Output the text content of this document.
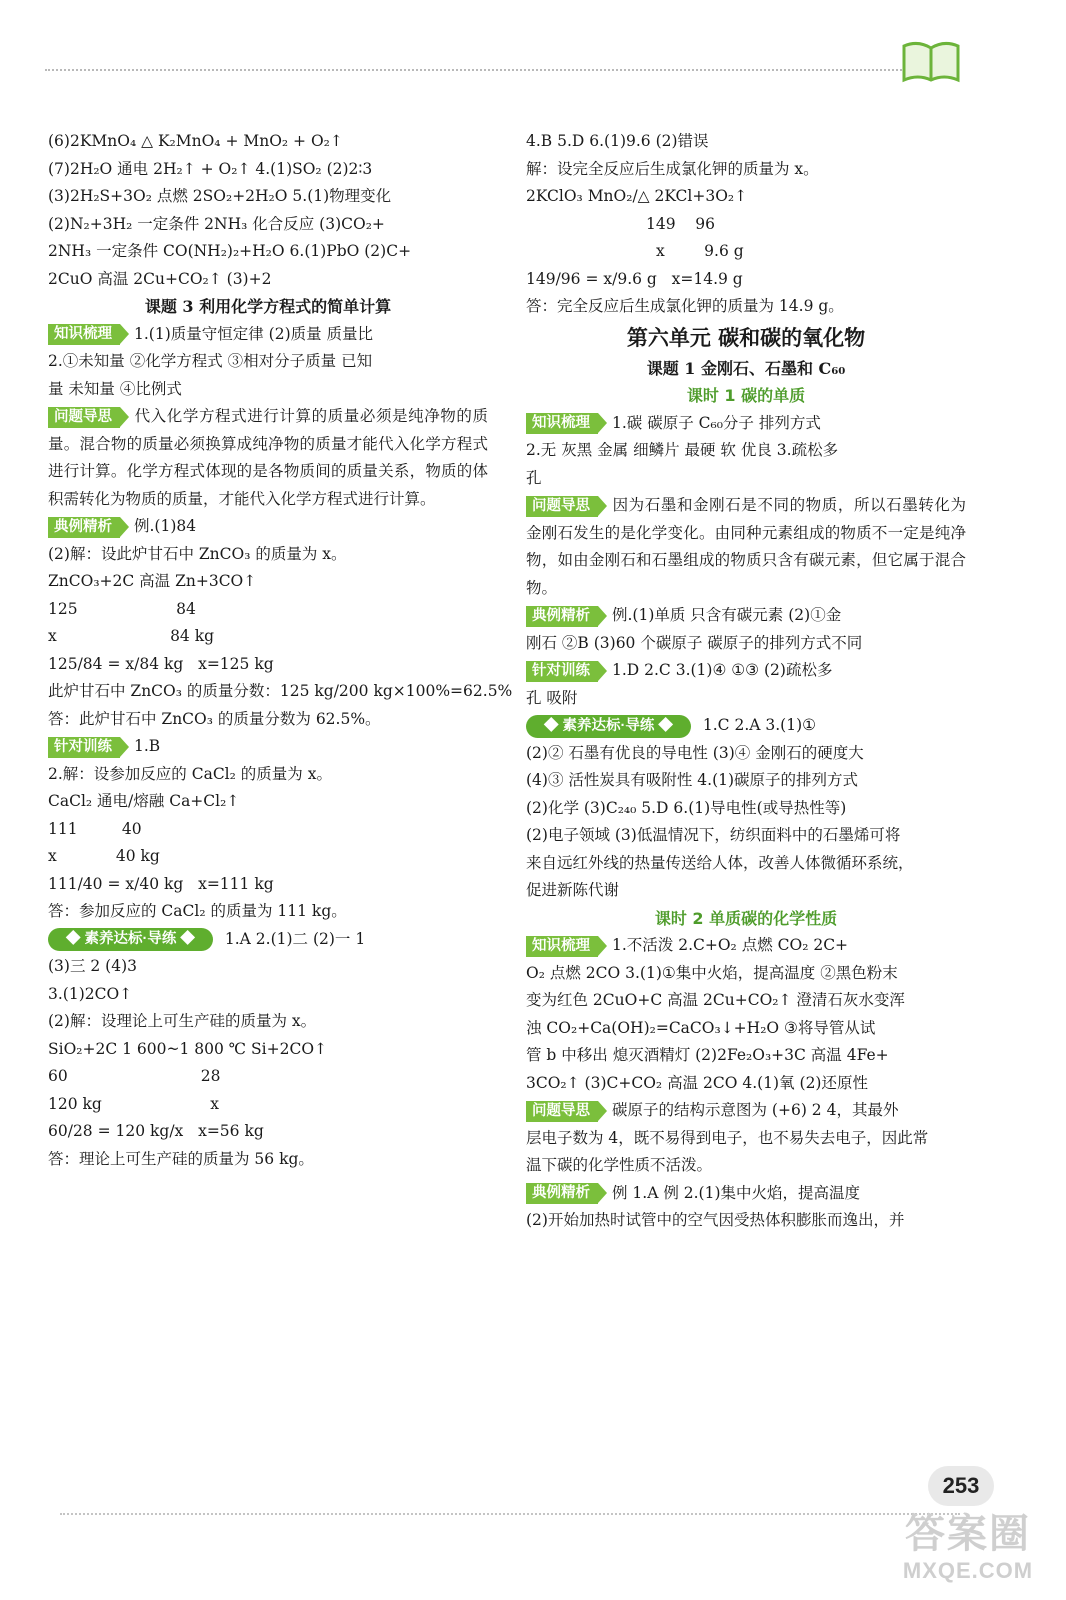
(6)2KMnO₄ △ K₂MnO₄ + MnO₂ + O₂↑
(7)2H₂O 通电 2H₂↑ + O₂↑ 4.(1)SO₂ (2)2∶3
(3)2H₂S+3O₂ 点燃 2SO₂+2H₂O 5.(1)物理变化
(2)N₂+3H₂ 一定条件 2NH₃ 化合反应 (3)CO₂+
2NH₃ 一定条件 CO(NH₂)₂+H₂O 6.(1)PbO (2)C+
2CuO 高温 2Cu+CO₂↑ (3)+2
课题 3 利用化学方程式的简单计算
知识梳理 1.(1)质量守恒定律 (2)质量 质量比
2.①未知量 ②化学方程式 ③相对分子质量 已知
量 未知量 ④比例式
问题导思 代入化学方程式进行计算的质量必须是纯净物的质量。混合物的质量必须换算成纯净物的质量才能代入化学方程式进行计算。化学方程式体现的是各物质间的质量关系，物质的体积需转化为物质的质量，才能代入化学方程式进行计算。
典例精析 例.(1)84
(2)解：设此炉甘石中 ZnCO₃ 的质量为 x。
ZnCO₃+2C 高温 Zn+3CO↑
125                    84
x                       84 kg
125/84 = x/84 kg   x=125 kg
此炉甘石中 ZnCO₃ 的质量分数：125 kg/200 kg×100%=62.5%
答：此炉甘石中 ZnCO₃ 的质量分数为 62.5%。
针对训练 1.B
2.解：设参加反应的 CaCl₂ 的质量为 x。
CaCl₂ 通电/熔融 Ca+Cl₂↑
111         40
x            40 kg
111/40 = x/40 kg   x=111 kg
答：参加反应的 CaCl₂ 的质量为 111 kg。
◆ 素养达标·导练 ◆ 1.A 2.(1)二 (2)一 1
(3)三 2 (4)3
3.(1)2CO↑
(2)解：设理论上可生产硅的质量为 x。
SiO₂+2C 1 600~1 800 ℃ Si+2CO↑
60                           28
120 kg                      x
60/28 = 120 kg/x   x=56 kg
答：理论上可生产硅的质量为 56 kg。
4.B 5.D 6.(1)9.6 (2)错误
解：设完全反应后生成氯化钾的质量为 x。
2KClO₃ MnO₂/△ 2KCl+3O₂↑
149    96
x        9.6 g
149/96 = x/9.6 g   x=14.9 g
答：完全反应后生成氯化钾的质量为 14.9 g。
第六单元 碳和碳的氧化物
课题 1 金刚石、石墨和 C₆₀
课时 1 碳的单质
知识梳理 1.碳 碳原子 C₆₀分子 排列方式
2.无 灰黑 金属 细鳞片 最硬 软 优良 3.疏松多
孔
问题导思 因为石墨和金刚石是不同的物质，所以石墨转化为金刚石发生的是化学变化。由同种元素组成的物质不一定是纯净物，如由金刚石和石墨组成的物质只含有碳元素，但它属于混合物。
典例精析 例.(1)单质 只含有碳元素 (2)①金
刚石 ②B (3)60 个碳原子 碳原子的排列方式不同
针对训练 1.D 2.C 3.(1)④ ①③ (2)疏松多
孔 吸附
◆ 素养达标·导练 ◆ 1.C 2.A 3.(1)①
(2)② 石墨有优良的导电性 (3)④ 金刚石的硬度大
(4)③ 活性炭具有吸附性 4.(1)碳原子的排列方式
(2)化学 (3)C₂₄₀ 5.D 6.(1)导电性(或导热性等)
(2)电子领域 (3)低温情况下，纺织面料中的石墨烯可将
来自远红外线的热量传送给人体，改善人体微循环系统，
促进新陈代谢
课时 2 单质碳的化学性质
知识梳理 1.不活泼 2.C+O₂ 点燃 CO₂ 2C+
O₂ 点燃 2CO 3.(1)①集中火焰，提高温度 ②黑色粉末
变为红色 2CuO+C 高温 2Cu+CO₂↑ 澄清石灰水变浑
浊 CO₂+Ca(OH)₂=CaCO₃↓+H₂O ③将导管从试
管 b 中移出 熄灭酒精灯 (2)2Fe₂O₃+3C 高温 4Fe+
3CO₂↑ (3)C+CO₂ 高温 2CO 4.(1)氧 (2)还原性
问题导思 碳原子的结构示意图为 (+6) 2 4，其最外
层电子数为 4，既不易得到电子，也不易失去电子，因此常
温下碳的化学性质不活泼。
典例精析 例 1.A 例 2.(1)集中火焰，提高温度
(2)开始加热时试管中的空气因受热体积膨胀而逸出，并
253
答案圈
MXQE.COM
